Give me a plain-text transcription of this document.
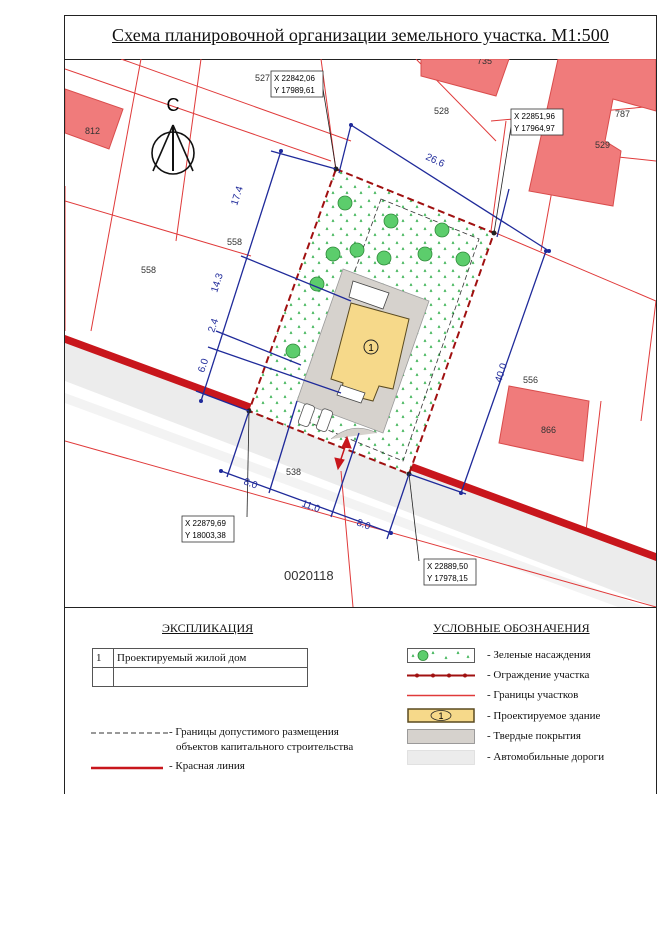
Схема планировочной организации земельного участка. М1:500
1
X 22842,06
Y 17989,61
X 22851,96
Y 17964,97
X 22879,69
Y 18003,38
X 22889,50
Y 17978,15
С
527
528
735
787
529
812
558
558
556
866
538
0020118
26.6
17.4
14.3
2.4
6.0	40.0
8.0
11.0
8.0
ЭКСПЛИКАЦИЯ
1	Проектируемый жилой дом

- Границы допустимого размещения
объектов капитального строительства
- Красная линия
УСЛОВНЫЕ ОБОЗНАЧЕНИЯ
- Зеленые насаждения
- Ограждение участка
- Границы участков
1	- Проектируемое здание
- Твердые покрытия
- Автомобильные дороги
